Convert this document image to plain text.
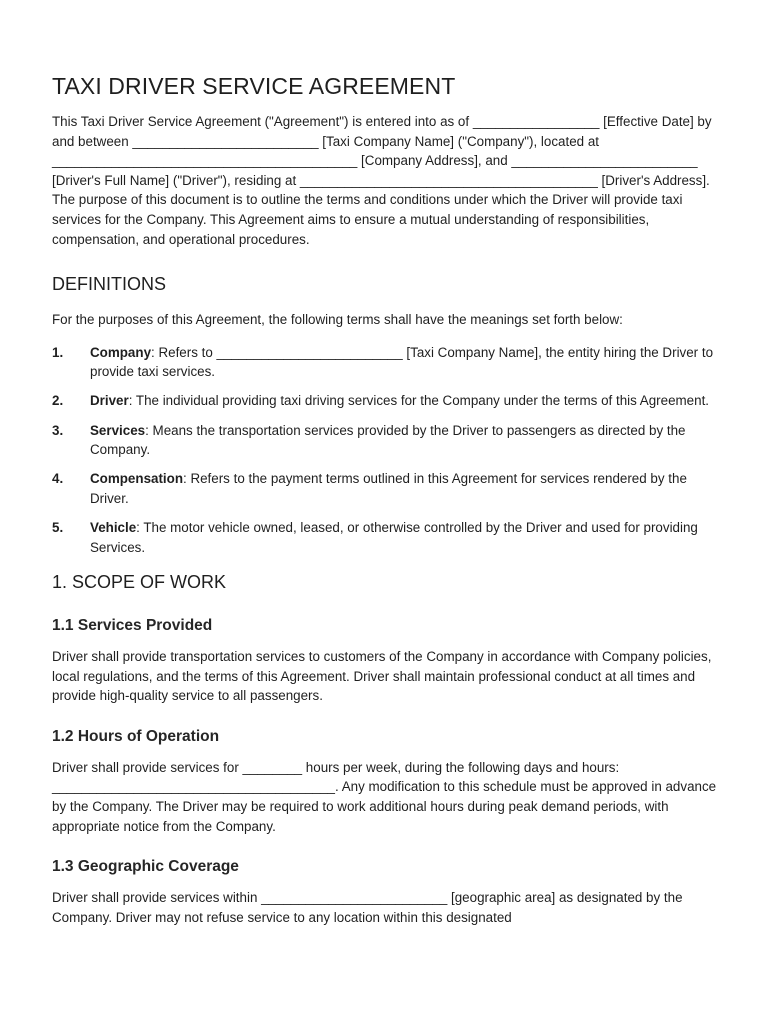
TAXI DRIVER SERVICE AGREEMENT

This Taxi Driver Service Agreement ("Agreement") is entered into as of _________________ [Effective Date] by and between _________________________ [Taxi Company Name] ("Company"), located at _________________________________________ [Company Address], and _________________________ [Driver's Full Name] ("Driver"), residing at ________________________________________ [Driver's Address]. The purpose of this document is to outline the terms and conditions under which the Driver will provide taxi services for the Company. This Agreement aims to ensure a mutual understanding of responsibilities, compensation, and operational procedures.

DEFINITIONS

For the purposes of this Agreement, the following terms shall have the meanings set forth below:

1.	Company: Refers to _________________________ [Taxi Company Name], the entity hiring the Driver to provide taxi services.
2.	Driver: The individual providing taxi driving services for the Company under the terms of this Agreement.
3.	Services: Means the transportation services provided by the Driver to passengers as directed by the Company.
4.	Compensation: Refers to the payment terms outlined in this Agreement for services rendered by the Driver.
5.	Vehicle: The motor vehicle owned, leased, or otherwise controlled by the Driver and used for providing Services.
1. SCOPE OF WORK
1.1 Services Provided

Driver shall provide transportation services to customers of the Company in accordance with Company policies, local regulations, and the terms of this Agreement. Driver shall maintain professional conduct at all times and provide high-quality service to all passengers.

1.2 Hours of Operation

Driver shall provide services for ________ hours per week, during the following days and hours: ______________________________________. Any modification to this schedule must be approved in advance by the Company. The Driver may be required to work additional hours during peak demand periods, with appropriate notice from the Company.

1.3 Geographic Coverage

Driver shall provide services within _________________________ [geographic area] as designated by the Company. Driver may not refuse service to any location within this designated
